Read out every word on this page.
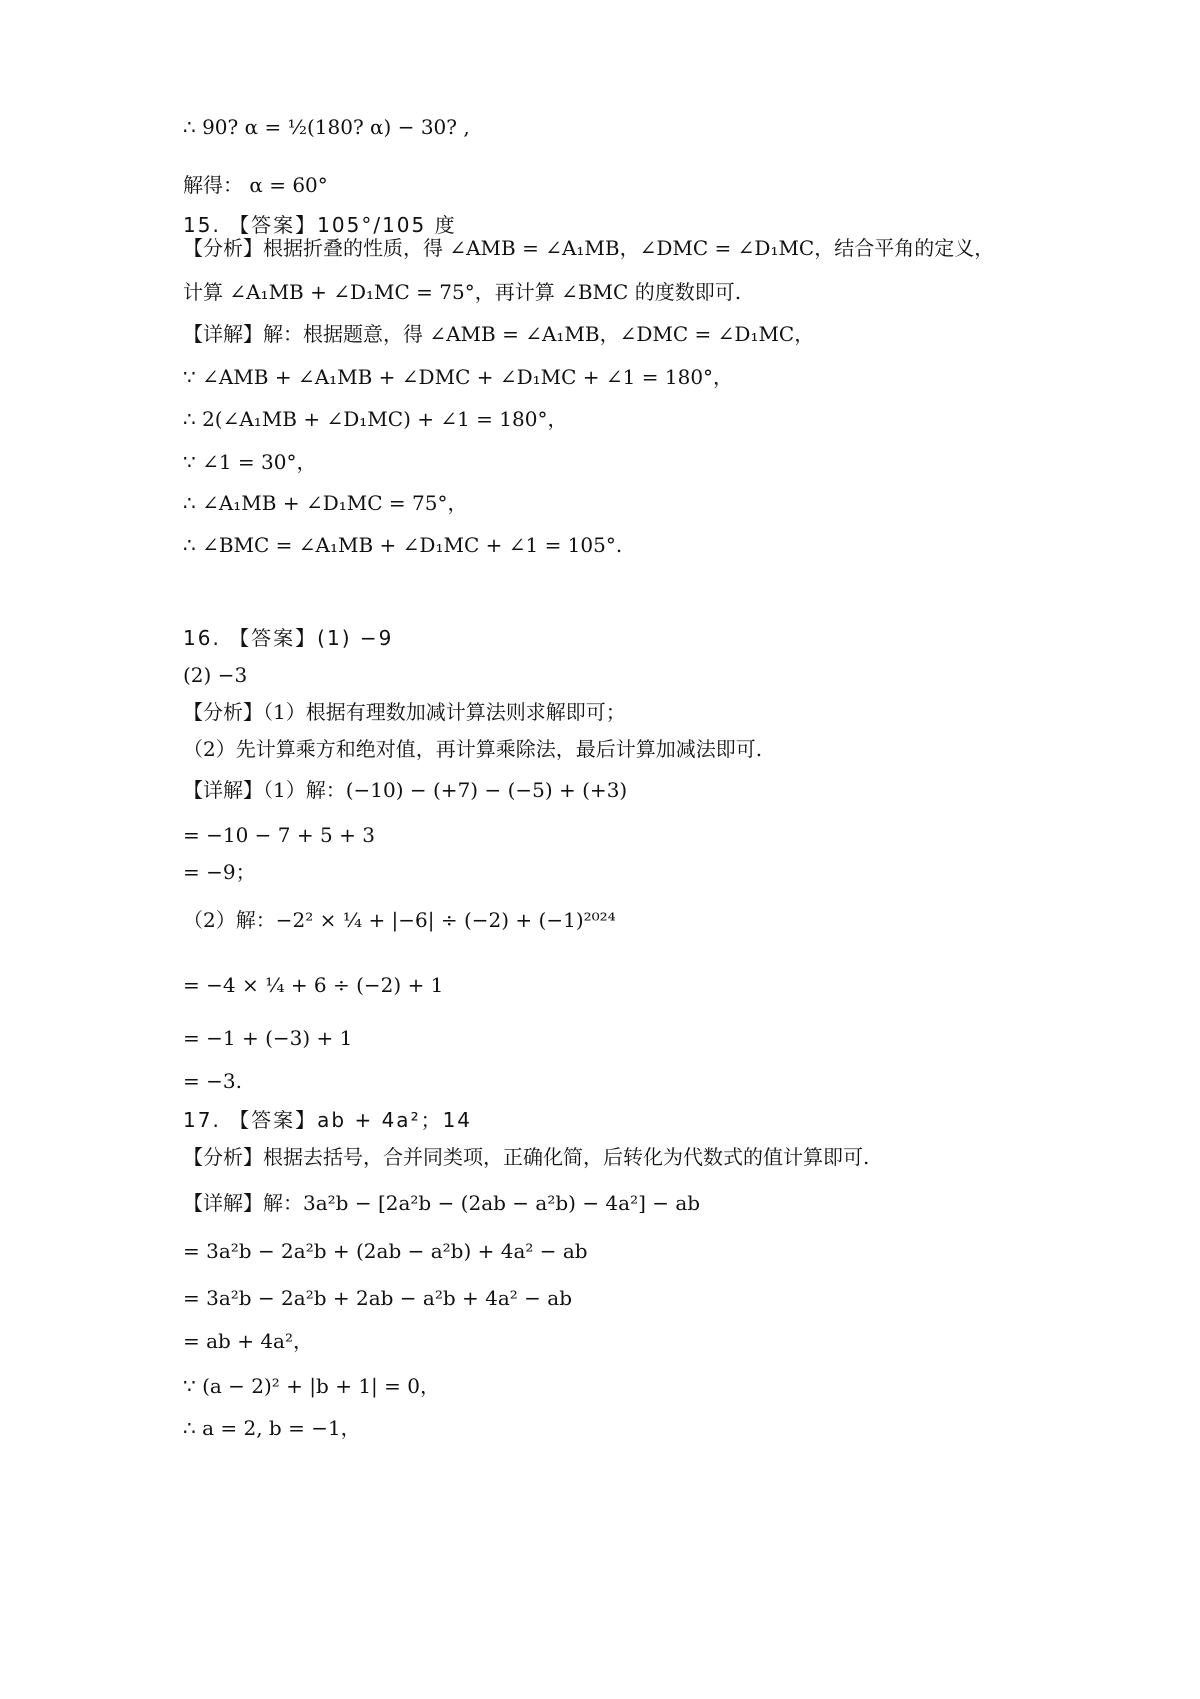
∴ 90? α = ½(180? α) − 30? ,
解得： α = 60°
15. 【答案】105°/105 度
【分析】根据折叠的性质，得 ∠AMB = ∠A₁MB，∠DMC = ∠D₁MC，结合平角的定义，
计算 ∠A₁MB + ∠D₁MC = 75°，再计算 ∠BMC 的度数即可.
【详解】解：根据题意，得 ∠AMB = ∠A₁MB，∠DMC = ∠D₁MC，
∵ ∠AMB + ∠A₁MB + ∠DMC + ∠D₁MC + ∠1 = 180°，
∴ 2(∠A₁MB + ∠D₁MC) + ∠1 = 180°，
∵ ∠1 = 30°，
∴ ∠A₁MB + ∠D₁MC = 75°，
∴ ∠BMC = ∠A₁MB + ∠D₁MC + ∠1 = 105°.
16. 【答案】(1) −9
(2) −3
【分析】（1）根据有理数加减计算法则求解即可；
（2）先计算乘方和绝对值，再计算乘除法，最后计算加减法即可.
【详解】（1）解：(−10) − (+7) − (−5) + (+3)
= −10 − 7 + 5 + 3
= −9；
（2）解：−2² × ¼ + |−6| ÷ (−2) + (−1)²⁰²⁴
= −4 × ¼ + 6 ÷ (−2) + 1
= −1 + (−3) + 1
= −3.
17. 【答案】ab + 4a²；14
【分析】根据去括号，合并同类项，正确化简，后转化为代数式的值计算即可.
【详解】解：3a²b − [2a²b − (2ab − a²b) − 4a²] − ab
= 3a²b − 2a²b + (2ab − a²b) + 4a² − ab
= 3a²b − 2a²b + 2ab − a²b + 4a² − ab
= ab + 4a²，
∵ (a − 2)² + |b + 1| = 0，
∴ a = 2, b = −1，
